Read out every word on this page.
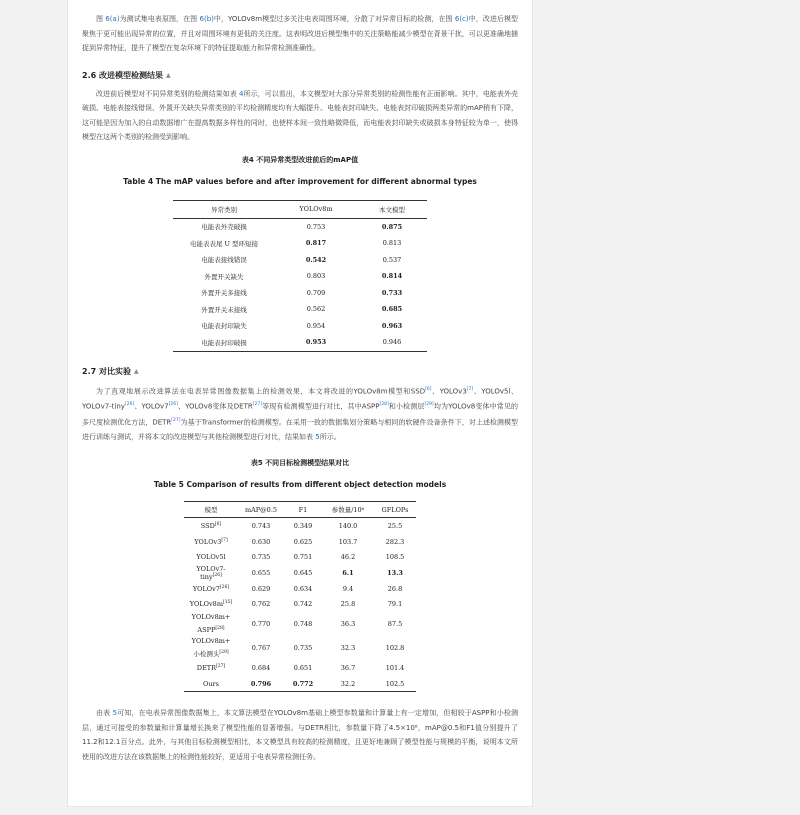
图 6(a)为测试集电表原图，在图 6(b)中，YOLOv8m模型过多关注电表周围环境，分散了对异常目标的检测，在图 6(c)中，改进后模型聚焦于更可能出现异常的位置，并且对周围环境有更低的关注度。这表明改进后模型集中的关注策略能减少模型在背景干扰，可以更准确地捕捉到异常特征，提升了模型在复杂环境下的特征提取能力和异常检测准确性。

2.6 改进模型检测结果 ▲

改进前后模型对不同异常类别的检测结果如表 4所示，可以看出，本文模型对大部分异常类别的检测性能有正面影响。其中，电能表外壳破损、电能表接线错误、外置开关缺失异常类别的平均检测精度均有大幅提升。电能表封印缺失、电能表封印破损两类异常的mAP稍有下降，这可能是因为加入的自动数据增广在提高数据多样性的同时，也使样本间一致性略微降低，而电能表封印缺失或破损本身特征较为单一，使得模型在这两个类别的检测受到影响。

表4 不同异常类型改进前后的mAP值
Table 4 The mAP values before and after improvement for different abnormal types
异常类别	YOLOv8m	本文模型
电能表外壳破损	0.753	0.875
电能表表尾 U 型环短接	0.817	0.813
电能表接线错误	0.542	0.537
外置开关缺失	0.803	0.814
外置开关多接线	0.709	0.733
外置开关未接线	0.562	0.685
电能表封印缺失	0.954	0.963
电能表封印破损	0.953	0.946
2.7 对比实验 ▲

为了直观地展示改进算法在电表异常图像数据集上的检测效果，本文将改进的YOLOv8m模型和SSD[6]、YOLOv3[7]、YOLOv5l、YOLOv7-tiny[26]、YOLOv7[26]、YOLOv8变体及DETR[27]等现有检测模型进行对比，其中ASPP[28]和小检测层[29]均为YOLOv8变体中常见的多尺度检测优化方法，DETR[27]为基于Transformer的检测模型。在采用一致的数据集划分策略与相同的软硬件设备条件下，对上述检测模型进行训练与测试，并将本文的改进模型与其他检测模型进行对比，结果如表 5所示。

表5 不同目标检测模型结果对比
Table 5 Comparison of results from different object detection models
模型	mAP@0.5	F1	参数量/10⁶	GFLOPs
SSD[6]	0.743	0.349	140.0	25.5
YOLOv3[7]	0.630	0.625	103.7	282.3
YOLOv5l	0.735	0.751	46.2	108.5
YOLOv7-tiny[26]	0.655	0.645	6.1	13.3
YOLOv7[26]	0.629	0.634	9.4	26.8
YOLOv8m[15]	0.762	0.742	25.8	79.1
YOLOv8m+
ASPP[28]	0.770	0.748	36.3	87.5
YOLOv8m+
小检测头[29]	0.767	0.735	32.3	102.8
DETR[27]	0.684	0.651	36.7	101.4
Ours	0.796	0.772	32.2	102.5

由表 5可知，在电表异常图像数据集上，本文算法模型在YOLOv8m基础上模型参数量和计算量上有一定增加，但相较于ASPP和小检测层，通过可接受的参数量和计算量增长换来了模型性能的显著增强。与DETR相比，参数量下降了4.5×10⁶，mAP@0.5和F1值分别提升了11.2和12.1百分点。此外，与其他目标检测模型相比，本文模型具有较高的检测精度，且更好地兼顾了模型性能与规模的平衡，说明本文所使用的改进方法在该数据集上的检测性能较好，更适用于电表异常检测任务。
